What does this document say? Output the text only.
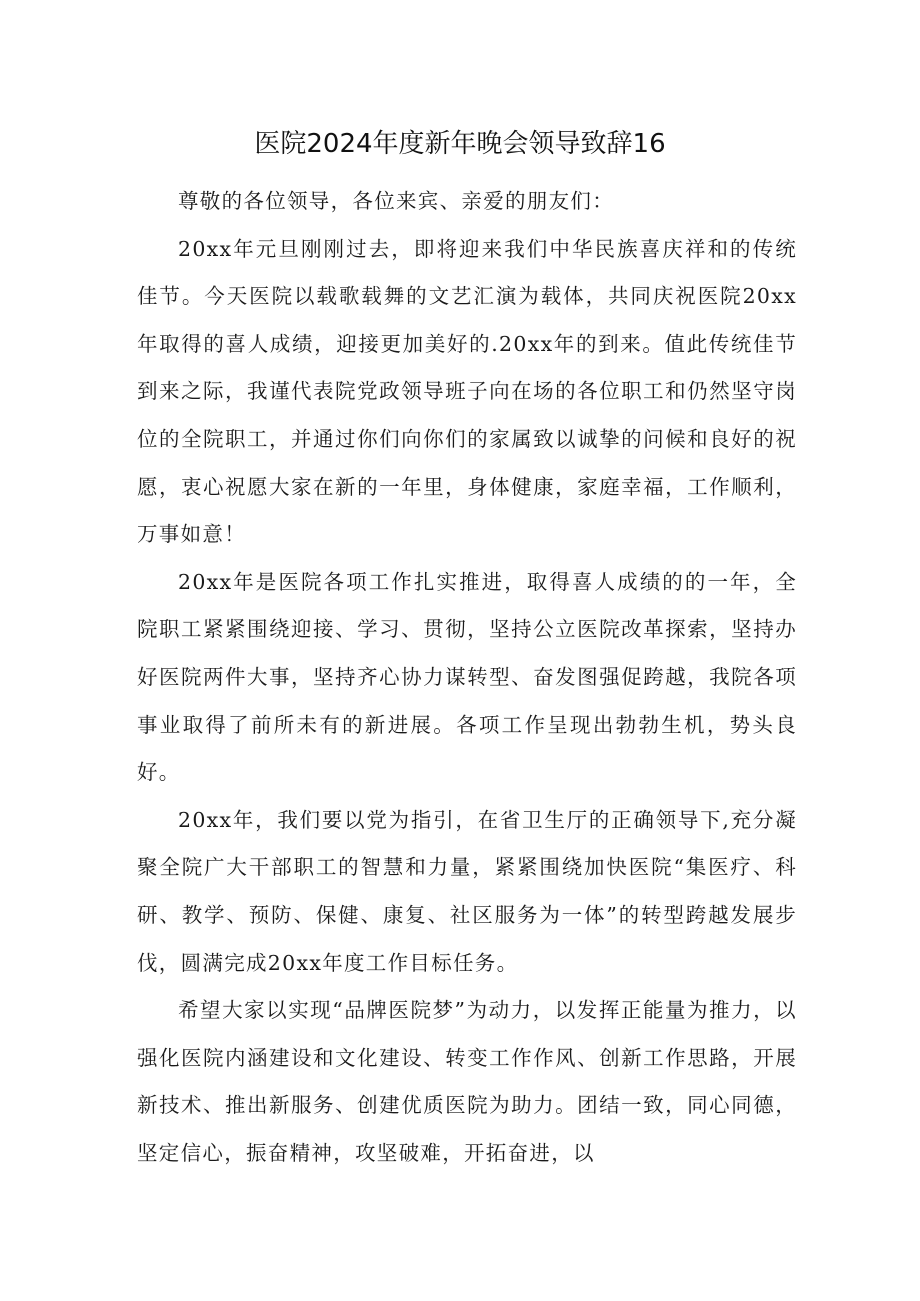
医院2024年度新年晚会领导致辞16

尊敬的各位领导，各位来宾、亲爱的朋友们：

20xx年元旦刚刚过去，即将迎来我们中华民族喜庆祥和的传统佳节。今天医院以载歌载舞的文艺汇演为载体，共同庆祝医院20xx年取得的喜人成绩，迎接更加美好的.20xx年的到来。值此传统佳节到来之际，我谨代表院党政领导班子向在场的各位职工和仍然坚守岗位的全院职工，并通过你们向你们的家属致以诚挚的问候和良好的祝愿，衷心祝愿大家在新的一年里，身体健康，家庭幸福，工作顺利，万事如意！

20xx年是医院各项工作扎实推进，取得喜人成绩的的一年，全院职工紧紧围绕迎接、学习、贯彻，坚持公立医院改革探索，坚持办好医院两件大事，坚持齐心协力谋转型、奋发图强促跨越，我院各项事业取得了前所未有的新进展。各项工作呈现出勃勃生机，势头良好。

20xx年，我们要以党为指引，在省卫生厅的正确领导下,充分凝聚全院广大干部职工的智慧和力量，紧紧围绕加快医院“集医疗、科研、教学、预防、保健、康复、社区服务为一体”的转型跨越发展步伐，圆满完成20xx年度工作目标任务。

希望大家以实现“品牌医院梦”为动力，以发挥正能量为推力，以强化医院内涵建设和文化建设、转变工作作风、创新工作思路，开展新技术、推出新服务、创建优质医院为助力。团结一致，同心同德，坚定信心，振奋精神，攻坚破难，开拓奋进，以
